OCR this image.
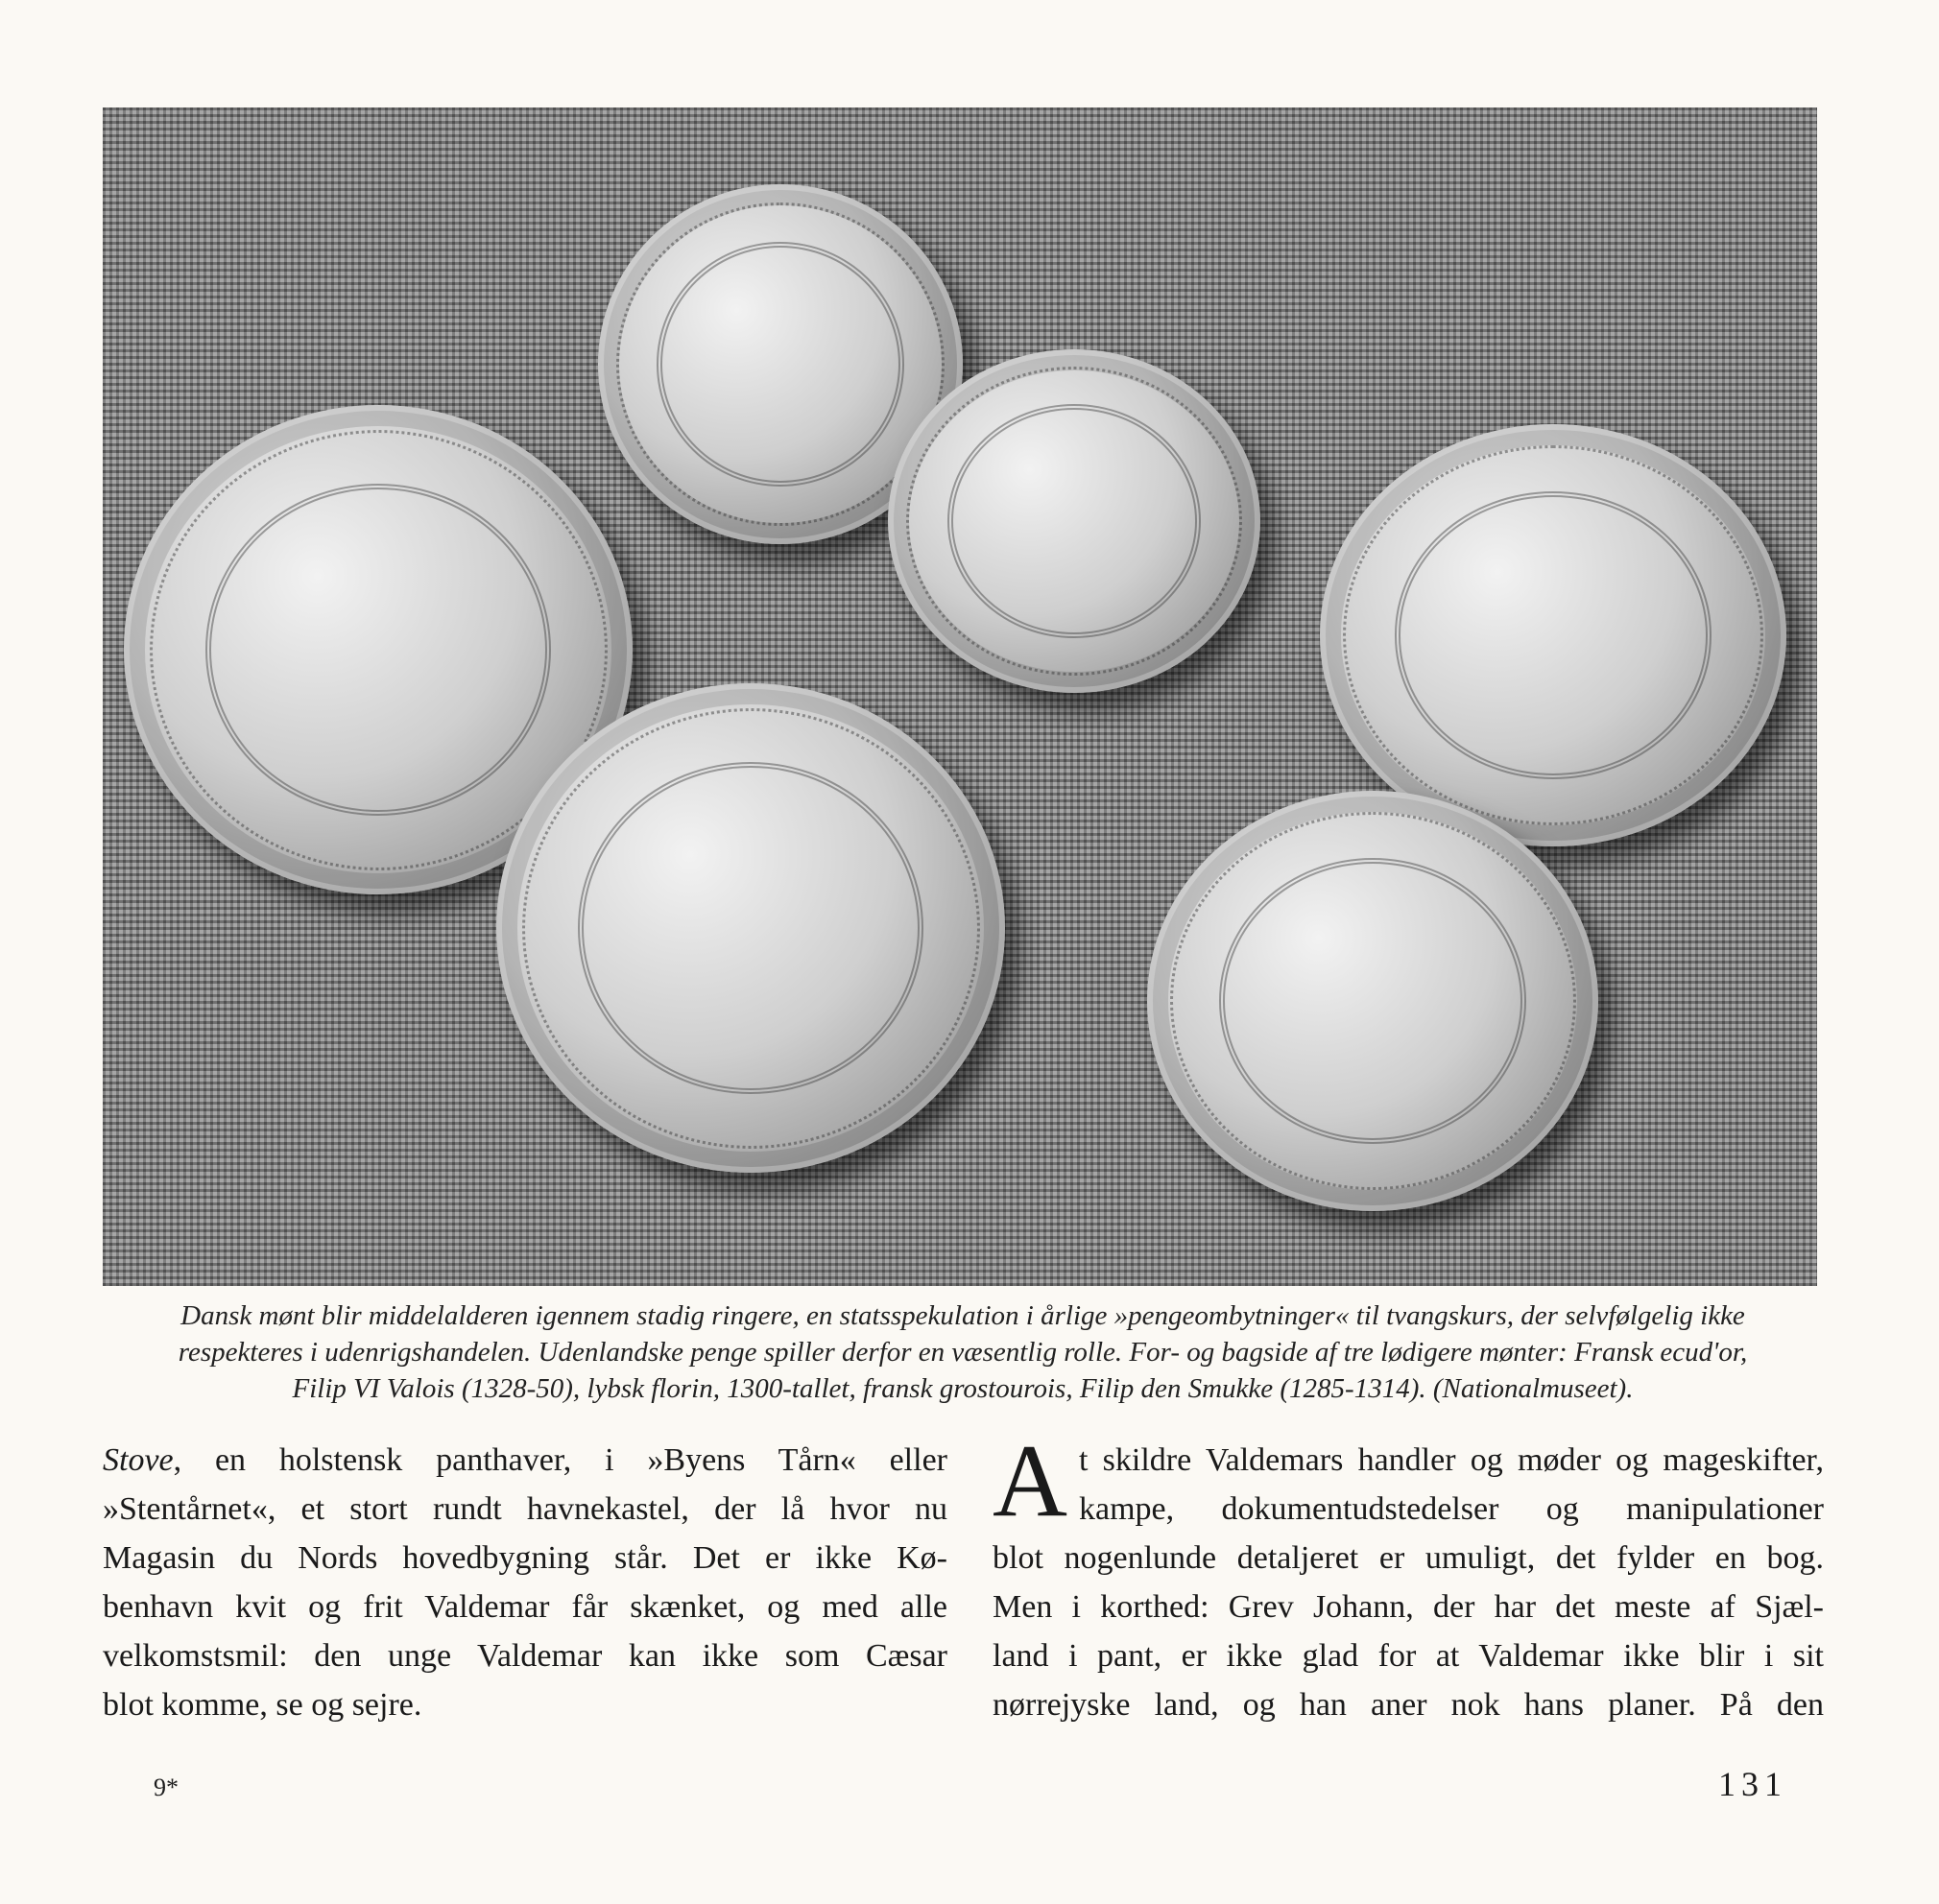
Dansk mønt blir middelalderen igennem stadig ringere, en statsspekulation i årlige »pengeombytninger« til tvangskurs, der selvfølgelig ikke
respekteres i udenrigshandelen. Udenlandske penge spiller derfor en væsentlig rolle. For- og bagside af tre lødigere mønter: Fransk ecud'or,
Filip VI Valois (1328-50), lybsk florin, 1300-tallet, fransk grostourois, Filip den Smukke (1285-1314). (Nationalmuseet).
Stove, en holstensk panthaver, i »Byens Tårn« eller
»Stentårnet«, et stort rundt havnekastel, der lå hvor nu
Magasin du Nords hovedbygning står. Det er ikke Kø-
benhavn kvit og frit Valdemar får skænket, og med alle
velkomstsmil: den unge Valdemar kan ikke som Cæsar
blot komme, se og sejre.
A t skildre Valdemars handler og møder og mageskifter,
kampe, dokumentudstedelser og manipulationer
blot nogenlunde detaljeret er umuligt, det fylder en bog.
Men i korthed: Grev Johann, der har det meste af Sjæl-
land i pant, er ikke glad for at Valdemar ikke blir i sit
nørrejyske land, og han aner nok hans planer. På den
9*	131
